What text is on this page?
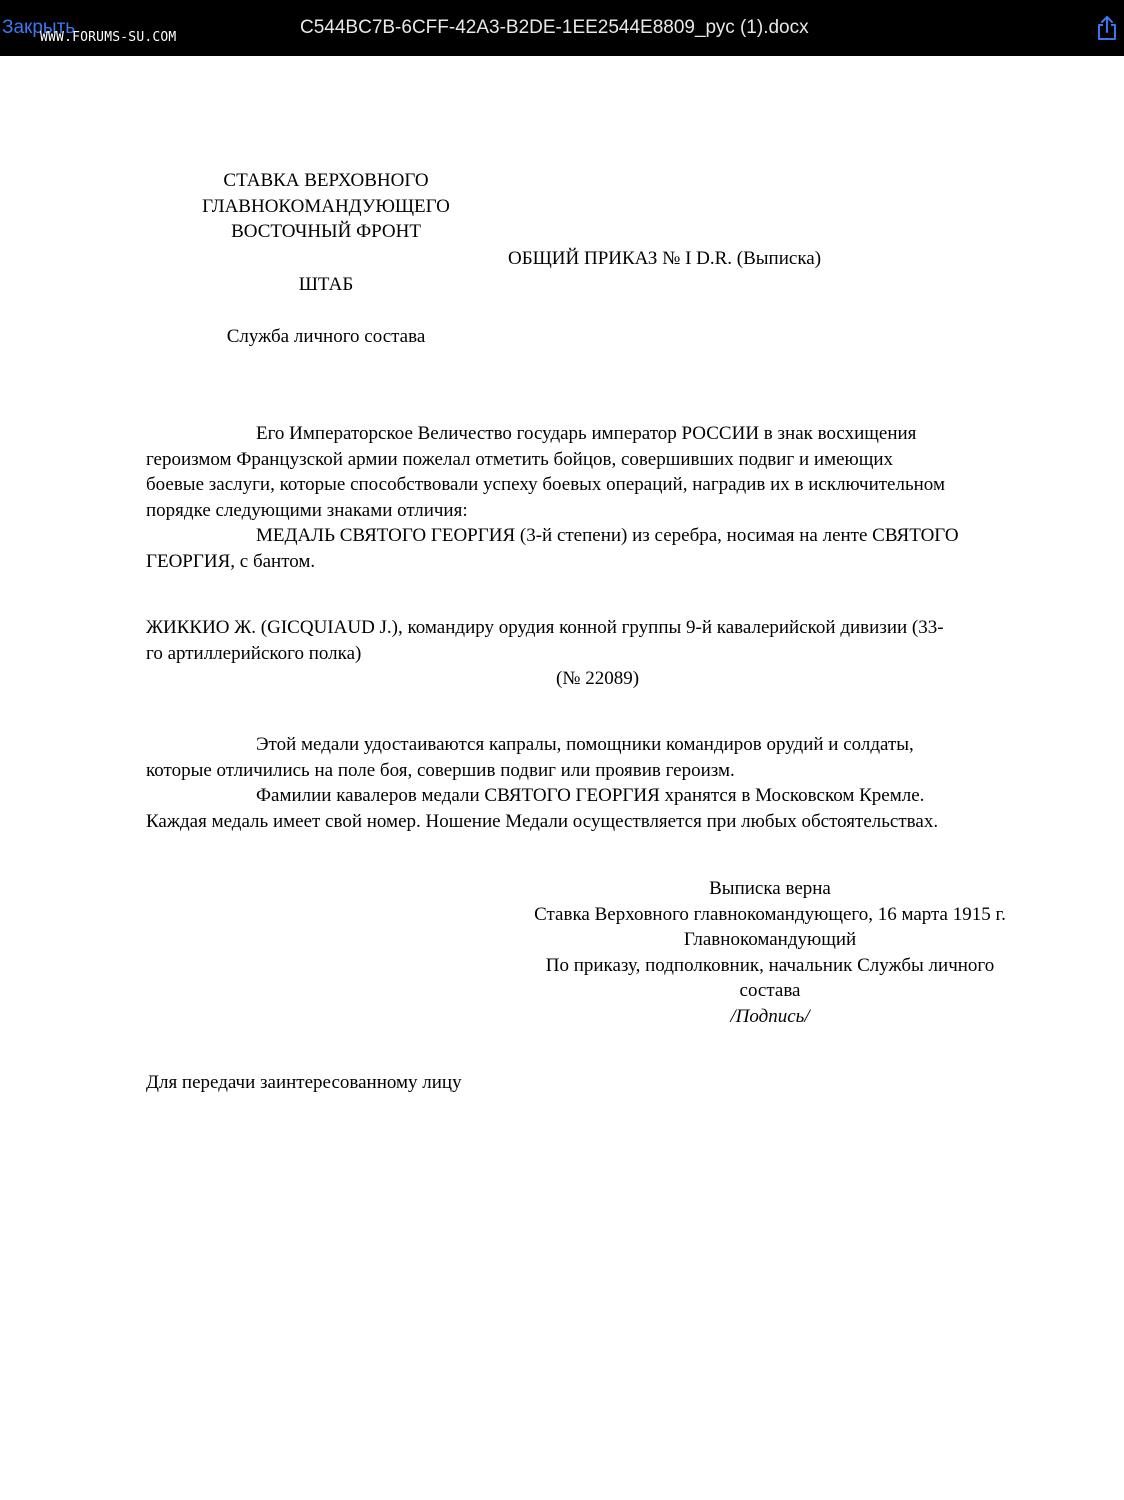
Закрыть
WWW.FORUMS-SU.COM	C544BC7B-6CFF-42A3-B2DE-1EE2544E8809_рус (1).docx
СТАВКА ВЕРХОВНОГО
ГЛАВНОКОМАНДУЮЩЕГО
ВОСТОЧНЫЙ ФРОНТ
ШТАБ
Служба личного состава
ОБЩИЙ ПРИКАЗ № I D.R. (Выписка)
Его Императорское Величество государь император РОССИИ в знак восхищения
героизмом Французской армии пожелал отметить бойцов, совершивших подвиг и имеющих
боевые заслуги, которые способствовали успеху боевых операций, наградив их в исключительном
порядке следующими знаками отличия:
МЕДАЛЬ СВЯТОГО ГЕОРГИЯ (3-й степени) из серебра, носимая на ленте СВЯТОГО
ГЕОРГИЯ, с бантом.
ЖИККИО Ж. (GICQUIAUD J.), командиру орудия конной группы 9-й кавалерийской дивизии (33-
го артиллерийского полка)
(№ 22089)
Этой медали удостаиваются капралы, помощники командиров орудий и солдаты,
которые отличились на поле боя, совершив подвиг или проявив героизм.
Фамилии кавалеров медали СВЯТОГО ГЕОРГИЯ хранятся в Московском Кремле.
Каждая медаль имеет свой номер. Ношение Медали осуществляется при любых обстоятельствах.
Выписка верна
Ставка Верховного главнокомандующего, 16 марта 1915 г.
Главнокомандующий
По приказу, подполковник, начальник Службы личного
состава
/Подпись/
Для передачи заинтересованному лицу
